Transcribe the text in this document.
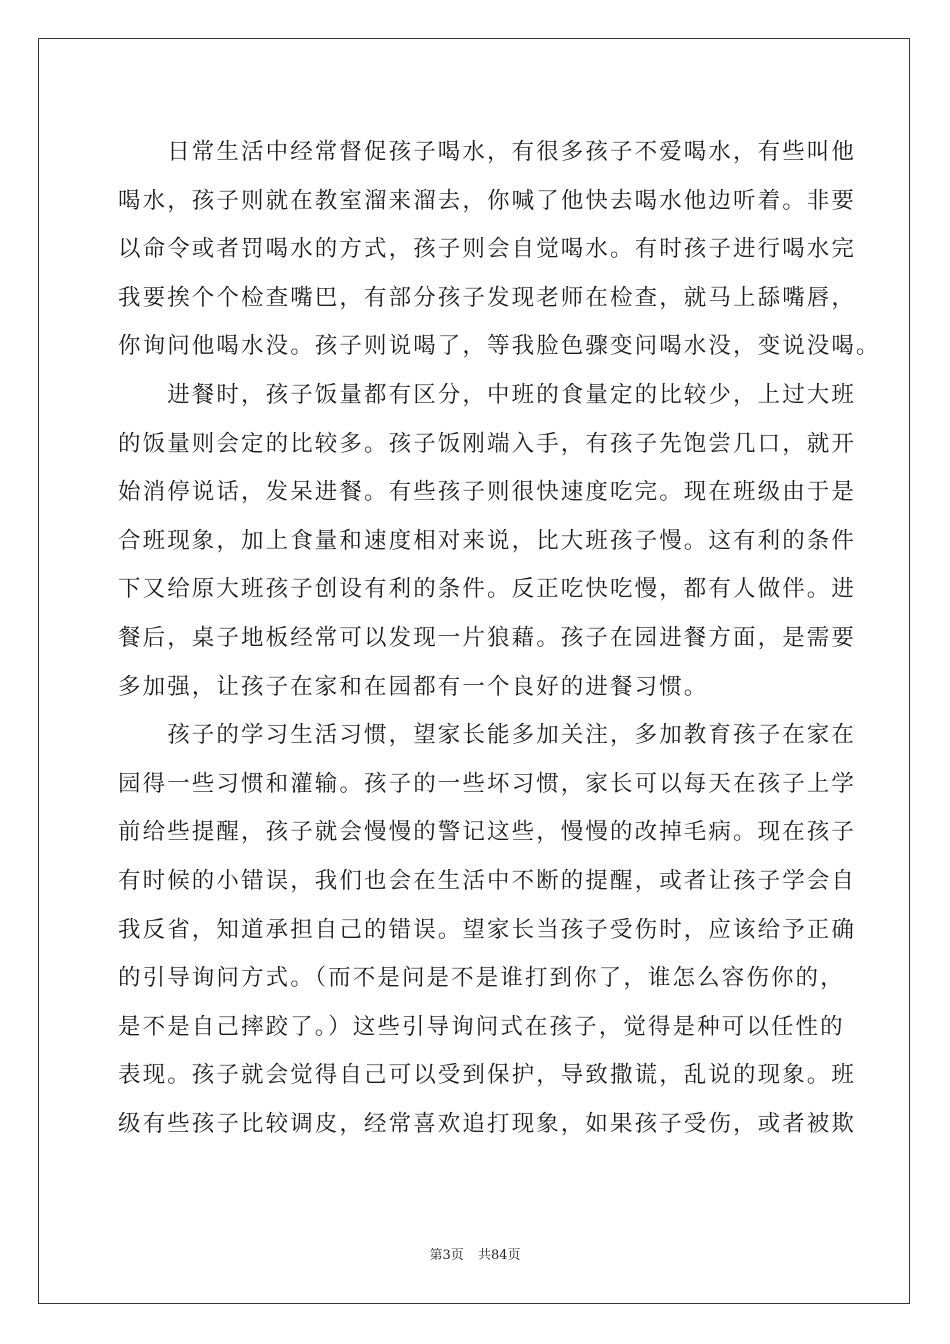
　　日常生活中经常督促孩子喝水，有很多孩子不爱喝水，有些叫他
喝水，孩子则就在教室溜来溜去，你喊了他快去喝水他边听着。非要
以命令或者罚喝水的方式，孩子则会自觉喝水。有时孩子进行喝水完
我要挨个个检查嘴巴，有部分孩子发现老师在检查，就马上舔嘴唇，
你询问他喝水没。孩子则说喝了，等我脸色骤变问喝水没，变说没喝。

　　进餐时，孩子饭量都有区分，中班的食量定的比较少，上过大班
的饭量则会定的比较多。孩子饭刚端入手，有孩子先饱尝几口，就开
始消停说话，发呆进餐。有些孩子则很快速度吃完。现在班级由于是
合班现象，加上食量和速度相对来说，比大班孩子慢。这有利的条件
下又给原大班孩子创设有利的条件。反正吃快吃慢，都有人做伴。进
餐后，桌子地板经常可以发现一片狼藉。孩子在园进餐方面，是需要
多加强，让孩子在家和在园都有一个良好的进餐习惯。

　　孩子的学习生活习惯，望家长能多加关注，多加教育孩子在家在
园得一些习惯和灌输。孩子的一些坏习惯，家长可以每天在孩子上学
前给些提醒，孩子就会慢慢的警记这些，慢慢的改掉毛病。现在孩子
有时候的小错误，我们也会在生活中不断的提醒，或者让孩子学会自
我反省，知道承担自己的错误。望家长当孩子受伤时，应该给予正确
的引导询问方式。（而不是问是不是谁打到你了，谁怎么容伤你的，
是不是自己摔跤了。）这些引导询问式在孩子，觉得是种可以任性的
表现。孩子就会觉得自己可以受到保护，导致撒谎，乱说的现象。班
级有些孩子比较调皮，经常喜欢追打现象，如果孩子受伤，或者被欺

第3页 共84页
